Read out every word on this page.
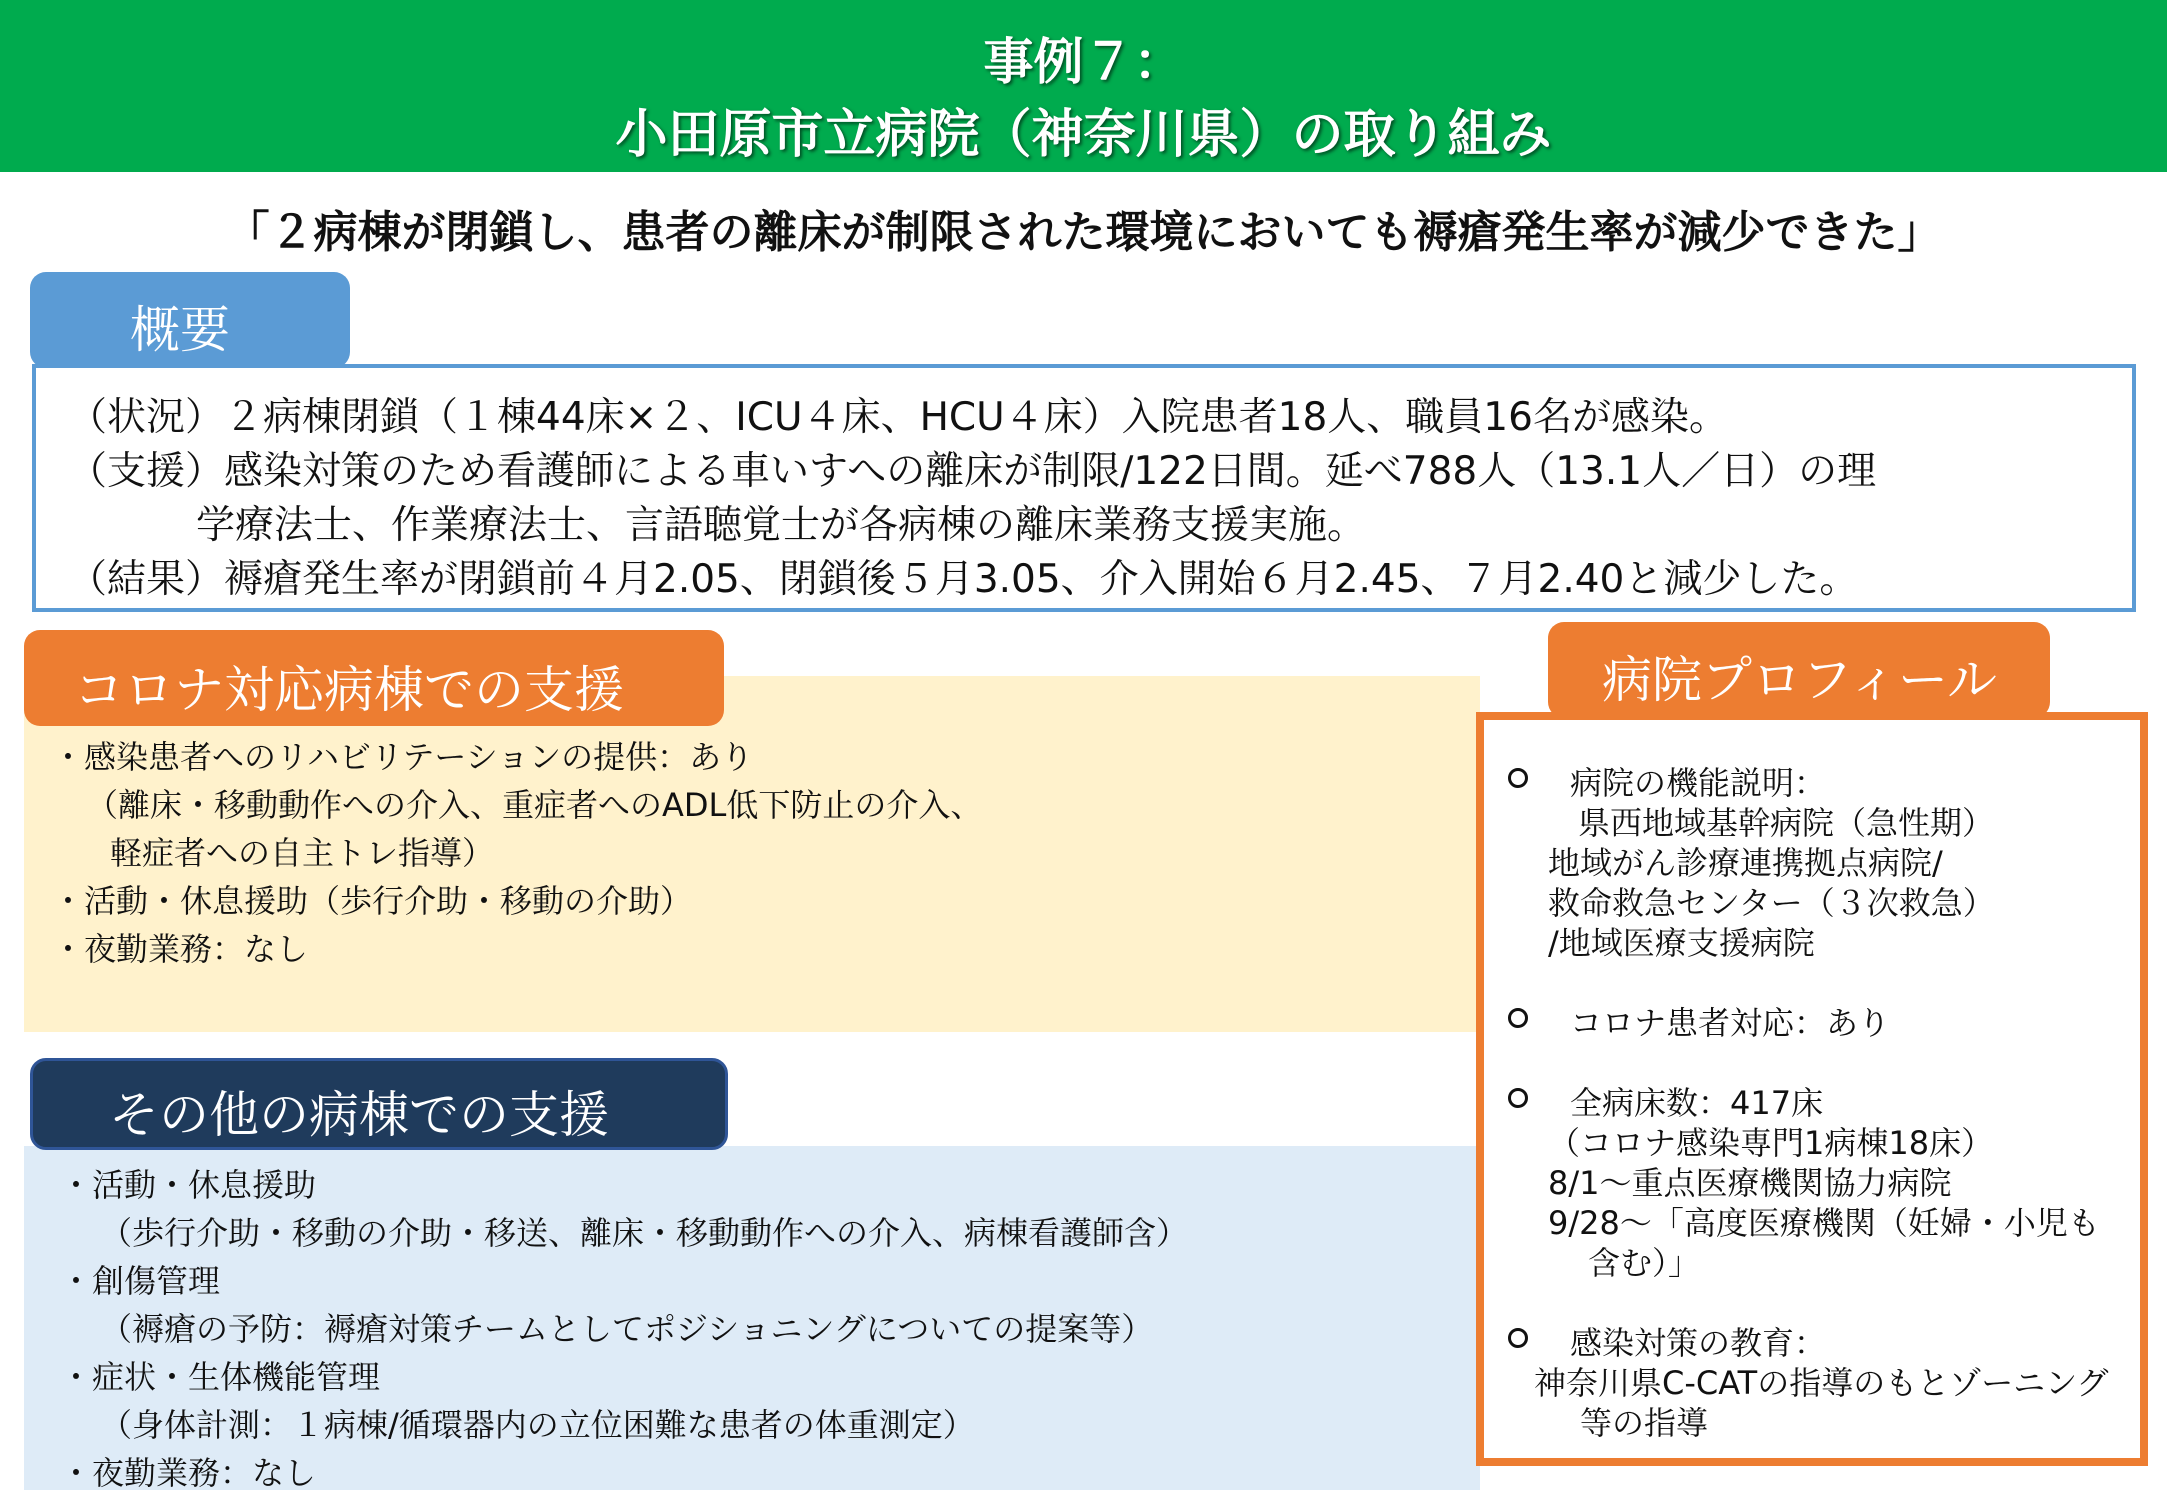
事例７：
小田原市立病院（神奈川県）の取り組み
「２病棟が閉鎖し、患者の離床が制限された環境においても褥瘡発生率が減少できた」
概要
（状況）２病棟閉鎖（１棟44床×２、ICU４床、HCU４床）入院患者18人、職員16名が感染。
（支援）感染対策のため看護師による車いすへの離床が制限/122日間。延べ788人（13.1人／日）の理
学療法士、作業療法士、言語聴覚士が各病棟の離床業務支援実施。
（結果）褥瘡発生率が閉鎖前４月2.05、閉鎖後５月3.05、介入開始６月2.45、７月2.40と減少した。
・感染患者へのリハビリテーションの提供：あり
（離床・移動動作への介入、重症者へのADL低下防止の介入、
軽症者への自主トレ指導）
・活動・休息援助（歩行介助・移動の介助）
・夜勤業務：なし
コロナ対応病棟での支援
・活動・休息援助
（歩行介助・移動の介助・移送、離床・移動動作への介入、病棟看護師含）
・創傷管理
（褥瘡の予防：褥瘡対策チームとしてポジショニングについての提案等）
・症状・生体機能管理
（身体計測：１病棟/循環器内の立位困難な患者の体重測定）
・夜勤業務：なし
その他の病棟での支援
病院プロフィール
病院の機能説明：
県西地域基幹病院（急性期）
地域がん診療連携拠点病院/
救命救急センター（３次救急）
/地域医療支援病院
コロナ患者対応：あり
全病床数：417床
（コロナ感染専門1病棟18床）
8/1～重点医療機関協力病院
9/28～「高度医療機関（妊婦・小児も
含む）」
感染対策の教育：
神奈川県C-CATの指導のもとゾーニング
等の指導
